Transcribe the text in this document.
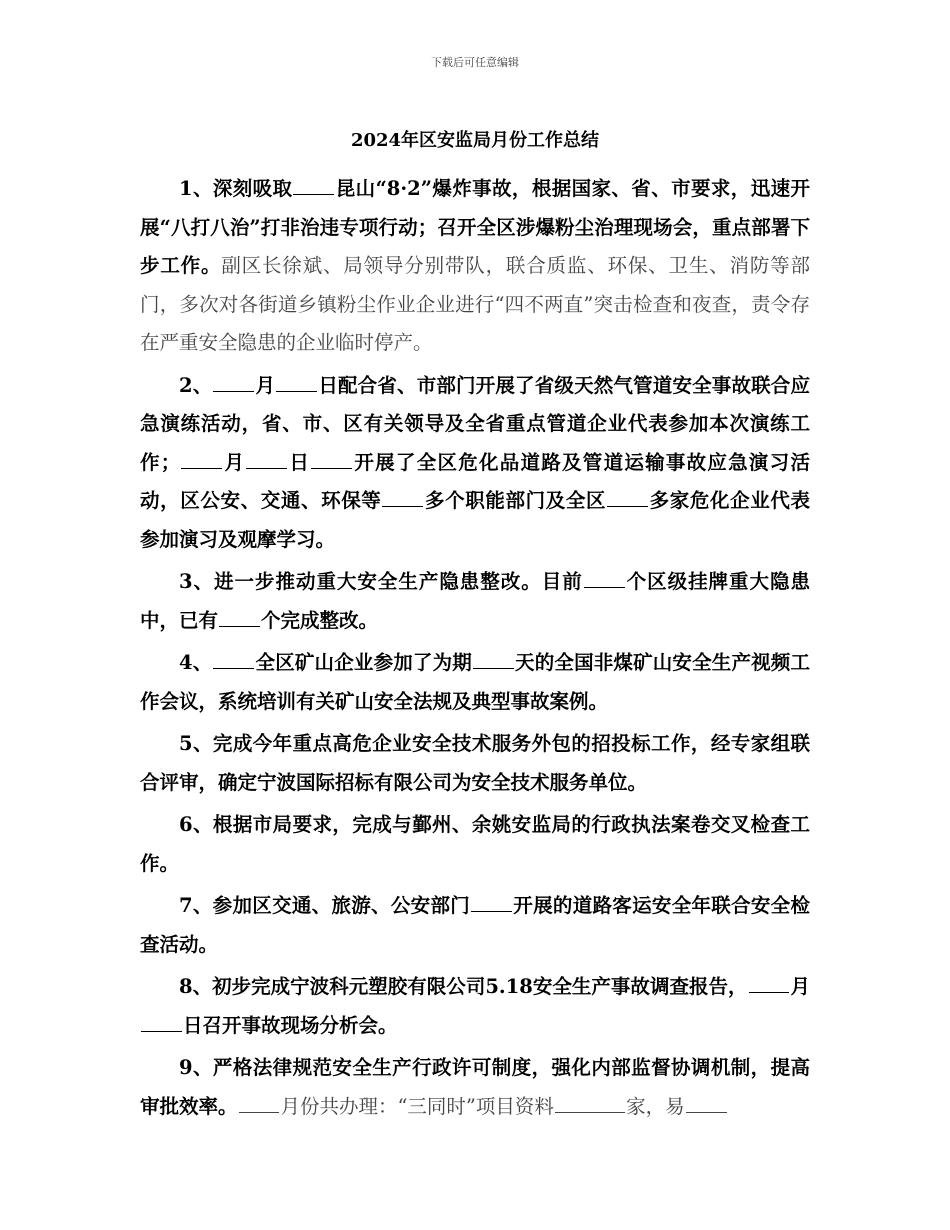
下载后可任意编辑
2024年区安监局月份工作总结

1、深刻吸取 昆山“8·2”爆炸事故，根据国家、省、市要求，迅速开展“八打八治”打非治违专项行动；召开全区涉爆粉尘治理现场会，重点部署下步工作。副区长徐斌、局领导分别带队，联合质监、环保、卫生、消防等部门，多次对各街道乡镇粉尘作业企业进行“四不两直”突击检查和夜查，责令存在严重安全隐患的企业临时停产。

2、 月 日配合省、市部门开展了省级天然气管道安全事故联合应急演练活动，省、市、区有关领导及全省重点管道企业代表参加本次演练工作； 月 日 开展了全区危化品道路及管道运输事故应急演习活动，区公安、交通、环保等 多个职能部门及全区 多家危化企业代表参加演习及观摩学习。

3、进一步推动重大安全生产隐患整改。目前 个区级挂牌重大隐患中，已有 个完成整改。

4、 全区矿山企业参加了为期 天的全国非煤矿山安全生产视频工作会议，系统培训有关矿山安全法规及典型事故案例。

5、完成今年重点高危企业安全技术服务外包的招投标工作，经专家组联合评审，确定宁波国际招标有限公司为安全技术服务单位。

6、根据市局要求，完成与鄞州、余姚安监局的行政执法案卷交叉检查工作。

7、参加区交通、旅游、公安部门 开展的道路客运安全年联合安全检查活动。

8、初步完成宁波科元塑胶有限公司5.18安全生产事故调查报告， 月日召开事故现场分析会。

9、严格法律规范安全生产行政许可制度，强化内部监督协调机制，提高审批效率。 月份共办理：“三同时”项目资料	家，易
